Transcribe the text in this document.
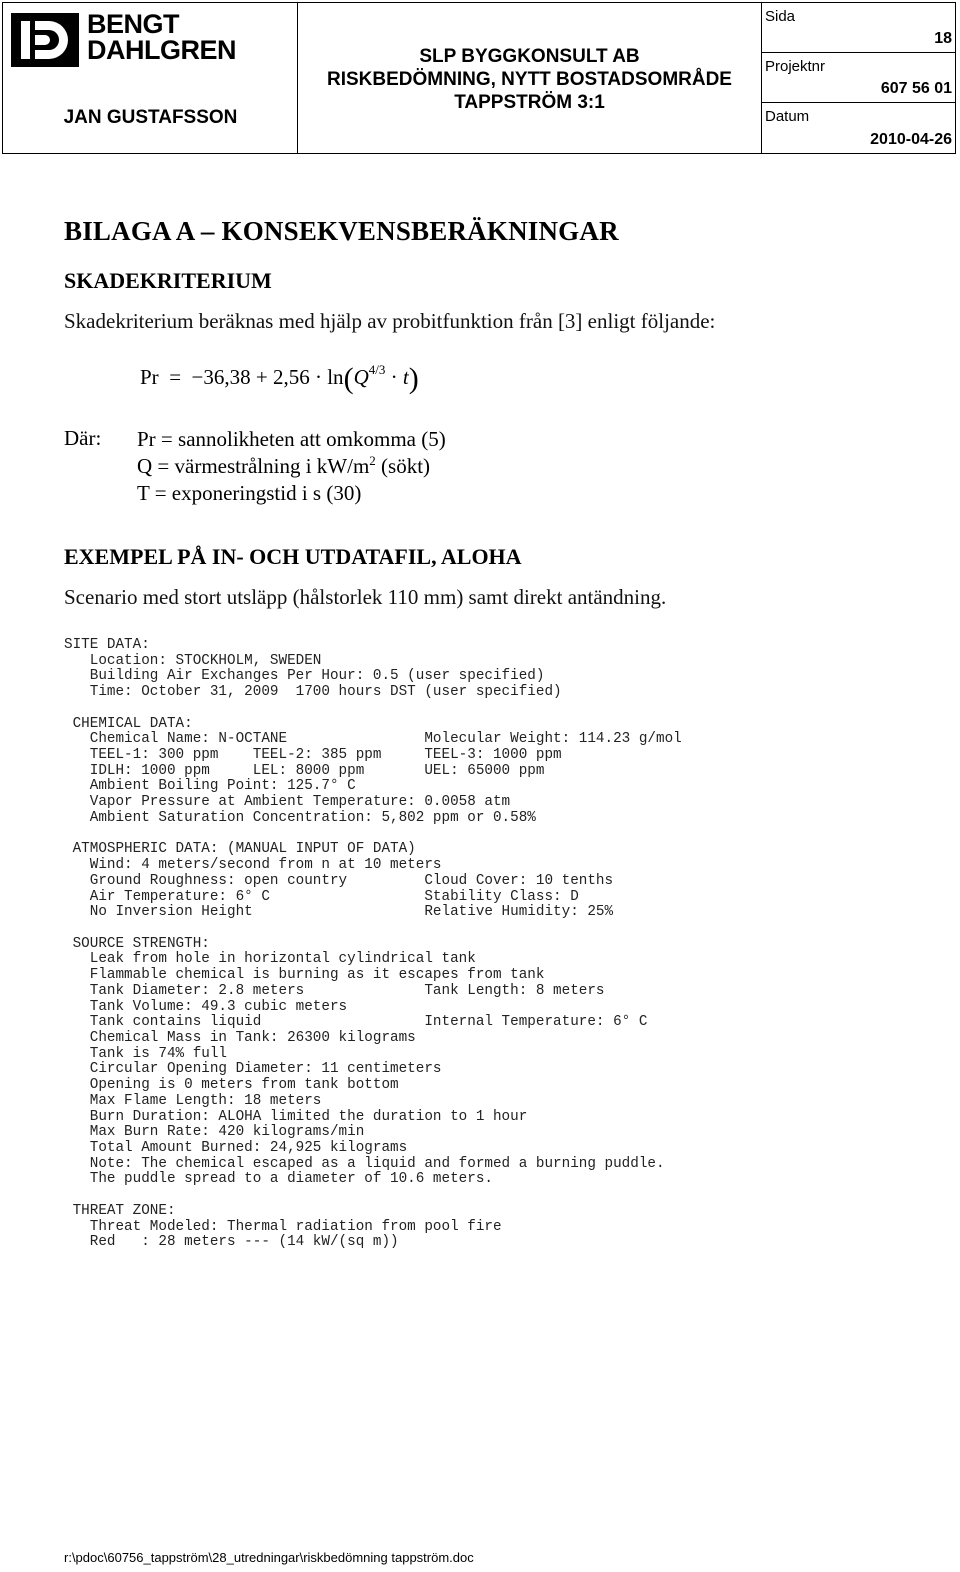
BENGT
DAHLGREN
JAN GUSTAFSSON
SLP BYGGKONSULT AB
RISKBEDÖMNING, NYTT BOSTADSOMRÅDE
TAPPSTRÖM 3:1
Sida
18
Projektnr
607 56 01
Datum
2010-04-26
BILAGA A – KONSEKVENSBERÄKNINGAR
SKADEKRITERIUM
Skadekriterium beräknas med hjälp av probitfunktion från [3] enligt följande:
$Pr = -36,38 + 2,56 \cdot \ln(Q^{4/3} \cdot t)$
Där: Pr = sannolikheten att omkomma (5)
Q = värmestrålning i $kW/m^2$ (sökt)
T = exponeringstid i s (30)
EXEMPEL PÅ IN- OCH UTDATAFIL, ALOHA
Scenario med stort utsläpp (hålstorlek 110 mm) samt direkt antändning.
SITE DATA:
Location: STOCKHOLM, SWEDEN
Building Air Exchanges Per Hour: 0.5 (user specified)
Time: October 31, 2009  1700 hours DST (user specified)

CHEMICAL DATA:
Chemical Name: N-OCTANE                Molecular Weight: 114.23 g/mol
TEEL-1: 300 ppm    TEEL-2: 385 ppm     TEEL-3: 1000 ppm
IDLH: 1000 ppm     LEL: 8000 ppm       UEL: 65000 ppm
Ambient Boiling Point: 125.7° C
Vapor Pressure at Ambient Temperature: 0.0058 atm
Ambient Saturation Concentration: 5,802 ppm or 0.58%

ATMOSPHERIC DATA: (MANUAL INPUT OF DATA)
Wind: 4 meters/second from n at 10 meters
Ground Roughness: open country         Cloud Cover: 10 tenths
Air Temperature: 6° C                  Stability Class: D
No Inversion Height                    Relative Humidity: 25%

SOURCE STRENGTH:
Leak from hole in horizontal cylindrical tank
Flammable chemical is burning as it escapes from tank
Tank Diameter: 2.8 meters              Tank Length: 8 meters
Tank Volume: 49.3 cubic meters
Tank contains liquid                   Internal Temperature: 6° C
Chemical Mass in Tank: 26300 kilograms
Tank is 74% full
Circular Opening Diameter: 11 centimeters
Opening is 0 meters from tank bottom
Max Flame Length: 18 meters
Burn Duration: ALOHA limited the duration to 1 hour
Max Burn Rate: 420 kilograms/min
Total Amount Burned: 24,925 kilograms
Note: The chemical escaped as a liquid and formed a burning puddle.
The puddle spread to a diameter of 10.6 meters.

THREAT ZONE:
Threat Modeled: Thermal radiation from pool fire
Red   : 28 meters --- (14 kW/(sq m))
r:\pdoc\60756_tappström\28_utredningar\riskbedömning tappström.doc
